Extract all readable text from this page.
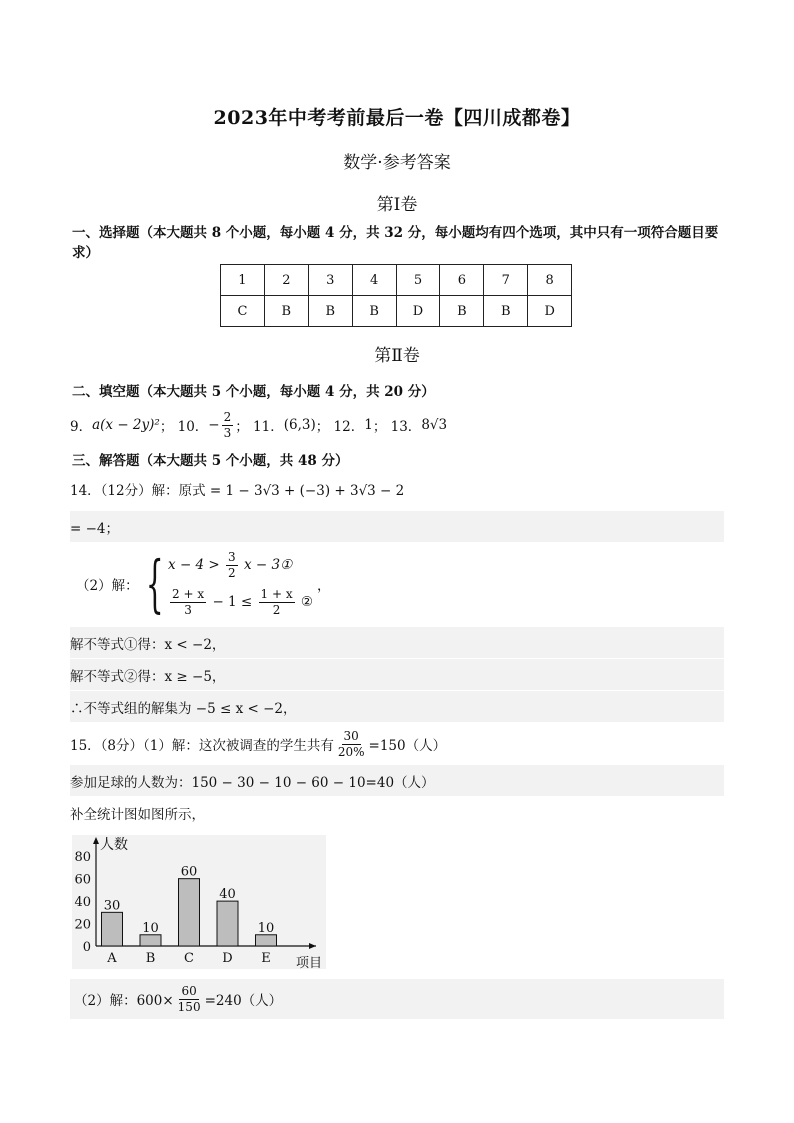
2023年中考考前最后一卷【四川成都卷】
数学·参考答案
第Ⅰ卷
一、选择题（本大题共 8 个小题，每小题 4 分，共 32 分，每小题均有四个选项，其中只有一项符合题目要求）
1	2	3	4	5	6	7	8
C	B	B	B	D	B	B	D
第Ⅱ卷
二、填空题（本大题共 5 个小题，每小题 4 分，共 20 分）
9． a(x − 2y)² ； 10． − $\frac{2}{3}$ ； 11． (6,3) ； 12． 1 ； 13． 8√3
三、解答题（本大题共 5 个小题，共 48 分）
14．（12分）解：原式 = 1 − 3√3 + (−3) + 3√3 − 2
= −4；
（2）解： { $x - 4 > \frac{3}{2}$ x − 3①
$\frac{2 + x}{3} - 1 \le \frac{1 + x}{2}$ ②
，
解不等式①得：x < −2，
解不等式②得：x ≥ −5，
∴不等式组的解集为 −5 ≤ x < −2，
15．（8分）（1）解：这次被调查的学生共有 $\frac{30}{20\%} =150$（人）
参加足球的人数为：150 − 30 − 10 − 60 − 10=40（人）
补全统计图如图所示，
人数
项目
0
20
40
60
80
30
A
10
B
60
C
40
D
10
E
（2）解：$600\times \frac{60}{150} =240$（人）
